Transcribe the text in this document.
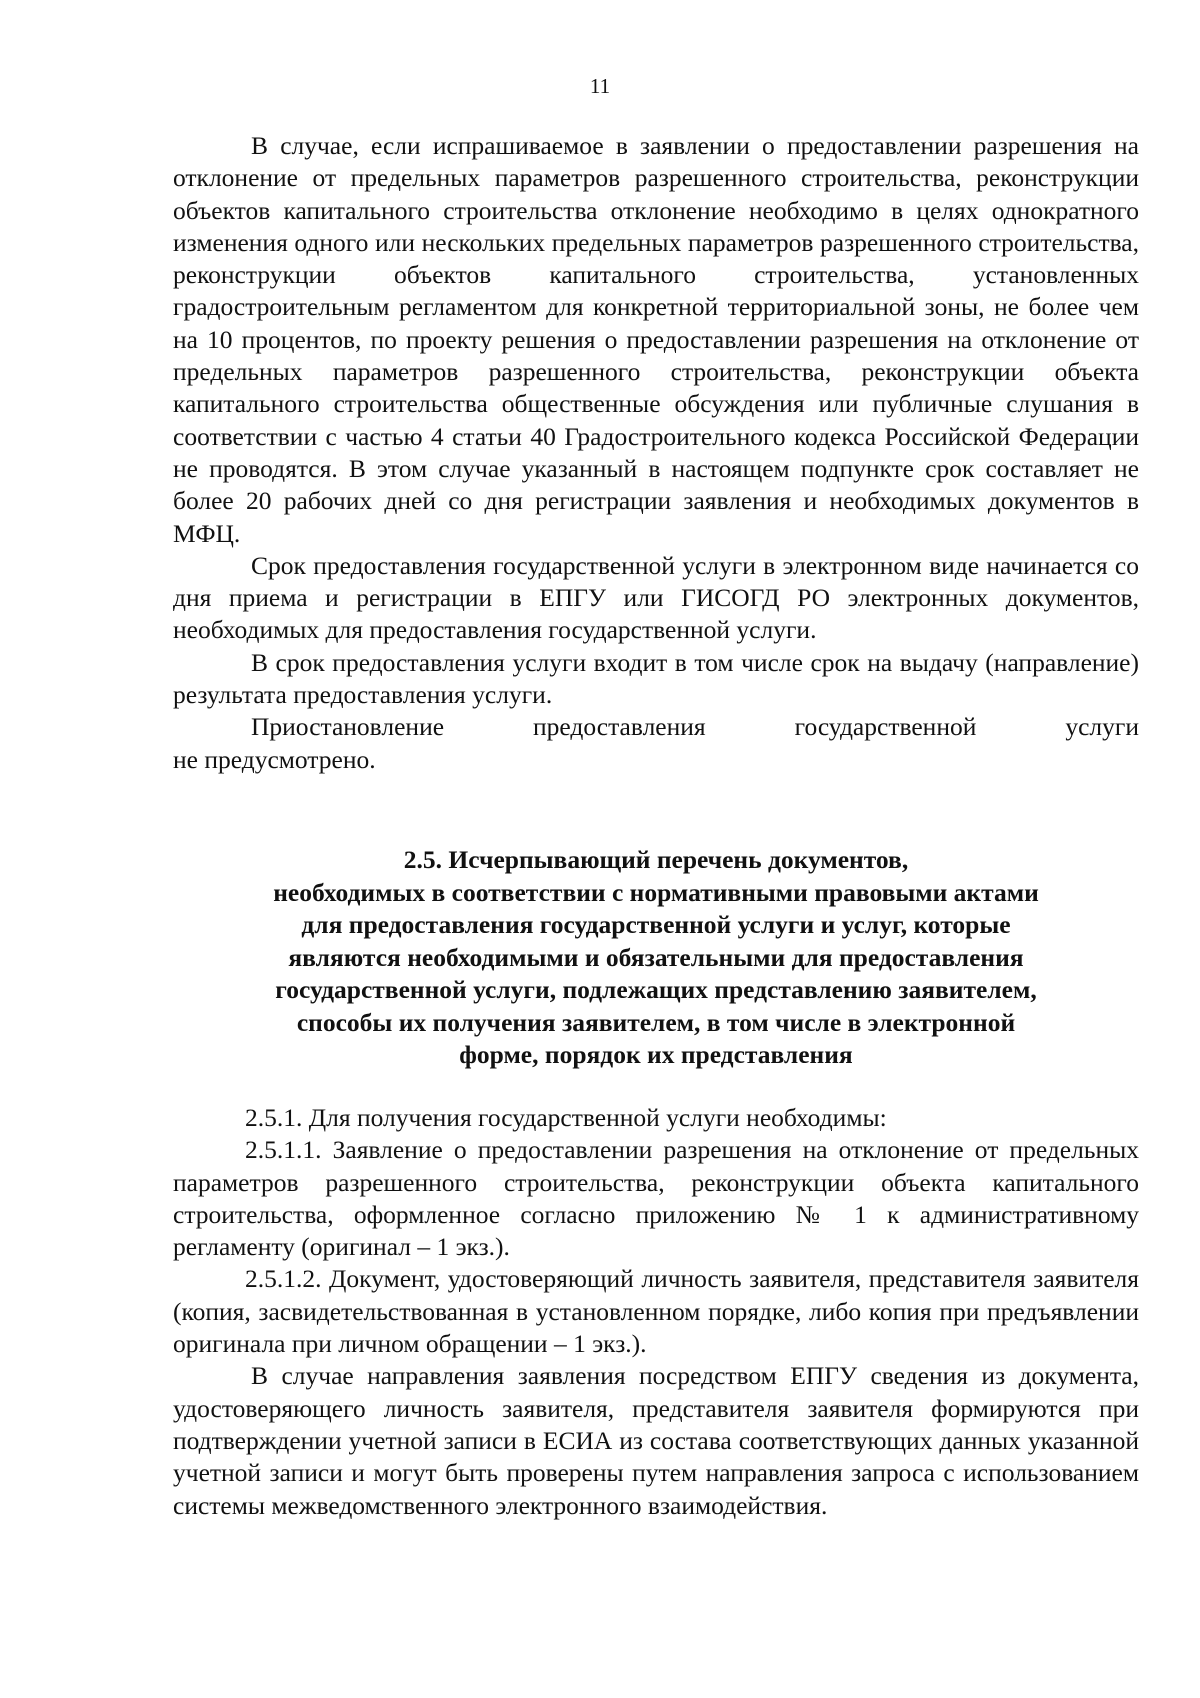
11

В случае, если испрашиваемое в заявлении о предоставлении разрешения на отклонение от предельных параметров разрешенного строительства, реконструкции объектов капитального строительства отклонение необходимо в целях однократного изменения одного или нескольких предельных параметров разрешенного строительства, реконструкции объектов капитального строительства, установленных градостроительным регламентом для конкретной территориальной зоны, не более чем на 10 процентов, по проекту решения о предоставлении разрешения на отклонение от предельных параметров разрешенного строительства, реконструкции объекта капитального строительства общественные обсуждения или публичные слушания в соответствии с частью 4 статьи 40 Градостроительного кодекса Российской Федерации не проводятся. В этом случае указанный в настоящем подпункте срок составляет не более 20 рабочих дней со дня регистрации заявления и необходимых документов в МФЦ.

Срок предоставления государственной услуги в электронном виде начинается со дня приема и регистрации в ЕПГУ или ГИСОГД РО электронных документов, необходимых для предоставления государственной услуги.

В срок предоставления услуги входит в том числе срок на выдачу (направление) результата предоставления услуги.

Приостановление предоставления государственной услуги

не предусмотрено.

2.5. Исчерпывающий перечень документов,
необходимых в соответствии с нормативными правовыми актами
для предоставления государственной услуги и услуг, которые
являются необходимыми и обязательными для предоставления
государственной услуги, подлежащих представлению заявителем,
способы их получения заявителем, в том числе в электронной
форме, порядок их представления

2.5.1. Для получения государственной услуги необходимы:

2.5.1.1. Заявление о предоставлении разрешения на отклонение от предельных параметров разрешенного строительства, реконструкции объекта капитального строительства, оформленное согласно приложению № 1 к административному регламенту (оригинал – 1 экз.).

2.5.1.2. Документ, удостоверяющий личность заявителя, представителя заявителя (копия, засвидетельствованная в установленном порядке, либо копия при предъявлении оригинала при личном обращении – 1 экз.).

В случае направления заявления посредством ЕПГУ сведения из документа, удостоверяющего личность заявителя, представителя заявителя формируются при подтверждении учетной записи в ЕСИА из состава соответствующих данных указанной учетной записи и могут быть проверены путем направления запроса с использованием системы межведомственного электронного взаимодействия.
